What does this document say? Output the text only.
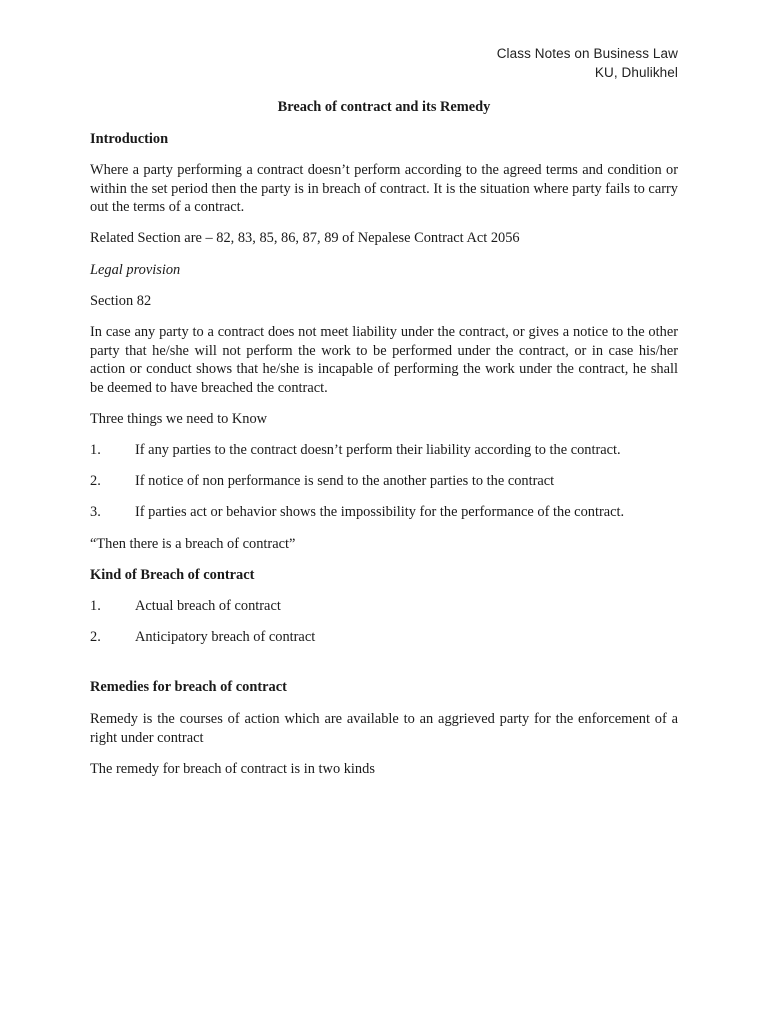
Class Notes on Business Law
KU, Dhulikhel
Breach of contract and its Remedy
Introduction

Where a party performing a contract doesn’t perform according to the agreed terms and condition or within the set period then the party is in breach of contract. It is the situation where party fails to carry out the terms of a contract.

Related Section are – 82, 83, 85, 86, 87, 89 of Nepalese Contract Act 2056

Legal provision

Section 82

In case any party to a contract does not meet liability under the contract, or gives a notice to the other party that he/she will not perform the work to be performed under the contract, or in case his/her action or conduct shows that he/she is incapable of performing the work under the contract, he shall be deemed to have breached the contract.

Three things we need to Know

1.	If any parties to the contract doesn’t perform their liability according to the contract.
2.	If notice of non performance is send to the another parties to the contract
3.	If parties act or behavior shows the impossibility for the performance of the contract.

“Then there is a breach of contract”

Kind of Breach of contract
1.	Actual breach of contract
2.	Anticipatory breach of contract
Remedies for breach of contract

Remedy is the courses of action which are available to an aggrieved party for the enforcement of a right under contract

The remedy for breach of contract is in two kinds
